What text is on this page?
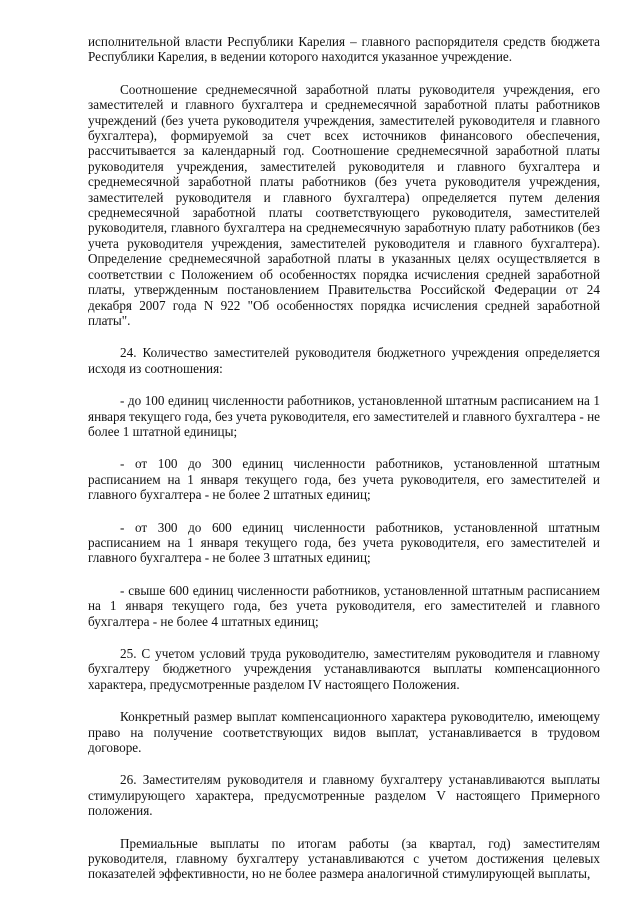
исполнительной власти Республики Карелия – главного распорядителя средств бюджета Республики Карелия, в ведении которого находится указанное учреждение.

Соотношение среднемесячной заработной платы руководителя учреждения, его заместителей и главного бухгалтера и среднемесячной заработной платы работников учреждений (без учета руководителя учреждения, заместителей руководителя и главного бухгалтера), формируемой за счет всех источников финансового обеспечения, рассчитывается за календарный год. Соотношение среднемесячной заработной платы руководителя учреждения, заместителей руководителя и главного бухгалтера и среднемесячной заработной платы работников (без учета руководителя учреждения, заместителей руководителя и главного бухгалтера) определяется путем деления среднемесячной заработной платы соответствующего руководителя, заместителей руководителя, главного бухгалтера на среднемесячную заработную плату работников (без учета руководителя учреждения, заместителей руководителя и главного бухгалтера). Определение среднемесячной заработной платы в указанных целях осуществляется в соответствии с Положением об особенностях порядка исчисления средней заработной платы, утвержденным постановлением Правительства Российской Федерации от 24 декабря 2007 года N 922 "Об особенностях порядка исчисления средней заработной платы".

24. Количество заместителей руководителя бюджетного учреждения определяется исходя из соотношения:

- до 100 единиц численности работников, установленной штатным расписанием на 1 января текущего года, без учета руководителя, его заместителей и главного бухгалтера - не более 1 штатной единицы;

- от 100 до 300 единиц численности работников, установленной штатным расписанием на 1 января текущего года, без учета руководителя, его заместителей и главного бухгалтера - не более 2 штатных единиц;

- от 300 до 600 единиц численности работников, установленной штатным расписанием на 1 января текущего года, без учета руководителя, его заместителей и главного бухгалтера - не более 3 штатных единиц;

- свыше 600 единиц численности работников, установленной штатным расписанием на 1 января текущего года, без учета руководителя, его заместителей и главного бухгалтера - не более 4 штатных единиц;

25. С учетом условий труда руководителю, заместителям руководителя и главному бухгалтеру бюджетного учреждения устанавливаются выплаты компенсационного характера, предусмотренные разделом IV настоящего Положения.

Конкретный размер выплат компенсационного характера руководителю, имеющему право на получение соответствующих видов выплат, устанавливается в трудовом договоре.

26. Заместителям руководителя и главному бухгалтеру устанавливаются выплаты стимулирующего характера, предусмотренные разделом V настоящего Примерного положения.

Премиальные выплаты по итогам работы (за квартал, год) заместителям руководителя, главному бухгалтеру устанавливаются с учетом достижения целевых показателей эффективности, но не более размера аналогичной стимулирующей выплаты,
